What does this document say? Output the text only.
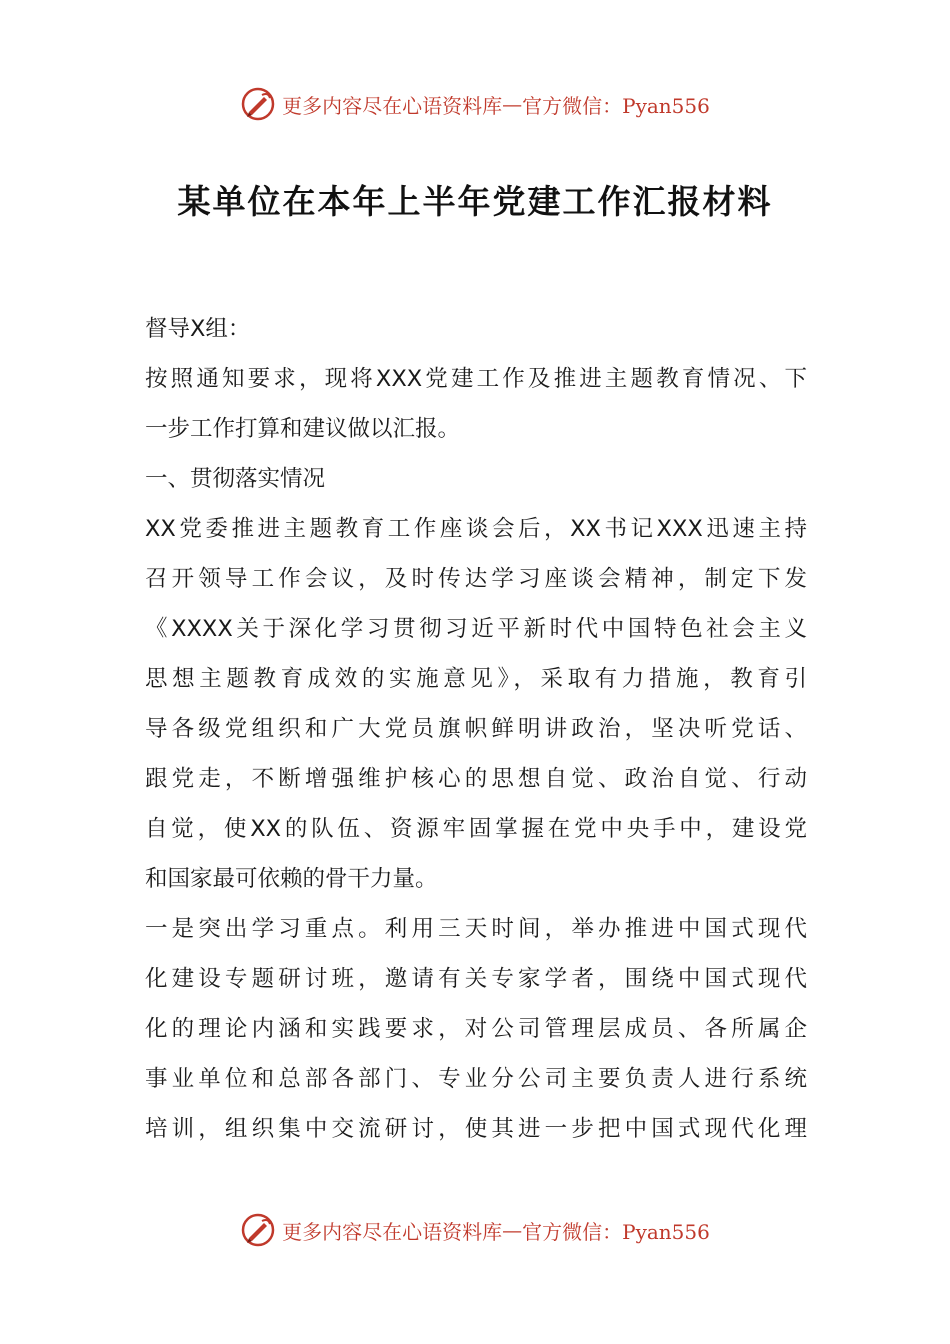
更多内容尽在心语资料库 — 官方微信：Pyan556
某单位在本年上半年党建工作汇报材料
督导X组：
按照通知要求，现将XXX党建工作及推进主题教育情况、下
一步工作打算和建议做以汇报。
一、贯彻落实情况
XX党委推进主题教育工作座谈会后，XX书记XXX迅速主持
召开领导工作会议，及时传达学习座谈会精神，制定下发
《XXXX关于深化学习贯彻习近平新时代中国特色社会主义
思想主题教育成效的实施意见》，采取有力措施，教育引
导各级党组织和广大党员旗帜鲜明讲政治，坚决听党话、
跟党走，不断增强维护核心的思想自觉、政治自觉、行动
自觉，使XX的队伍、资源牢固掌握在党中央手中，建设党
和国家最可依赖的骨干力量。
一是突出学习重点。利用三天时间，举办推进中国式现代
化建设专题研讨班，邀请有关专家学者，围绕中国式现代
化的理论内涵和实践要求，对公司管理层成员、各所属企
事业单位和总部各部门、专业分公司主要负责人进行系统
培训，组织集中交流研讨，使其进一步把中国式现代化理
更多内容尽在心语资料库 — 官方微信：Pyan556
